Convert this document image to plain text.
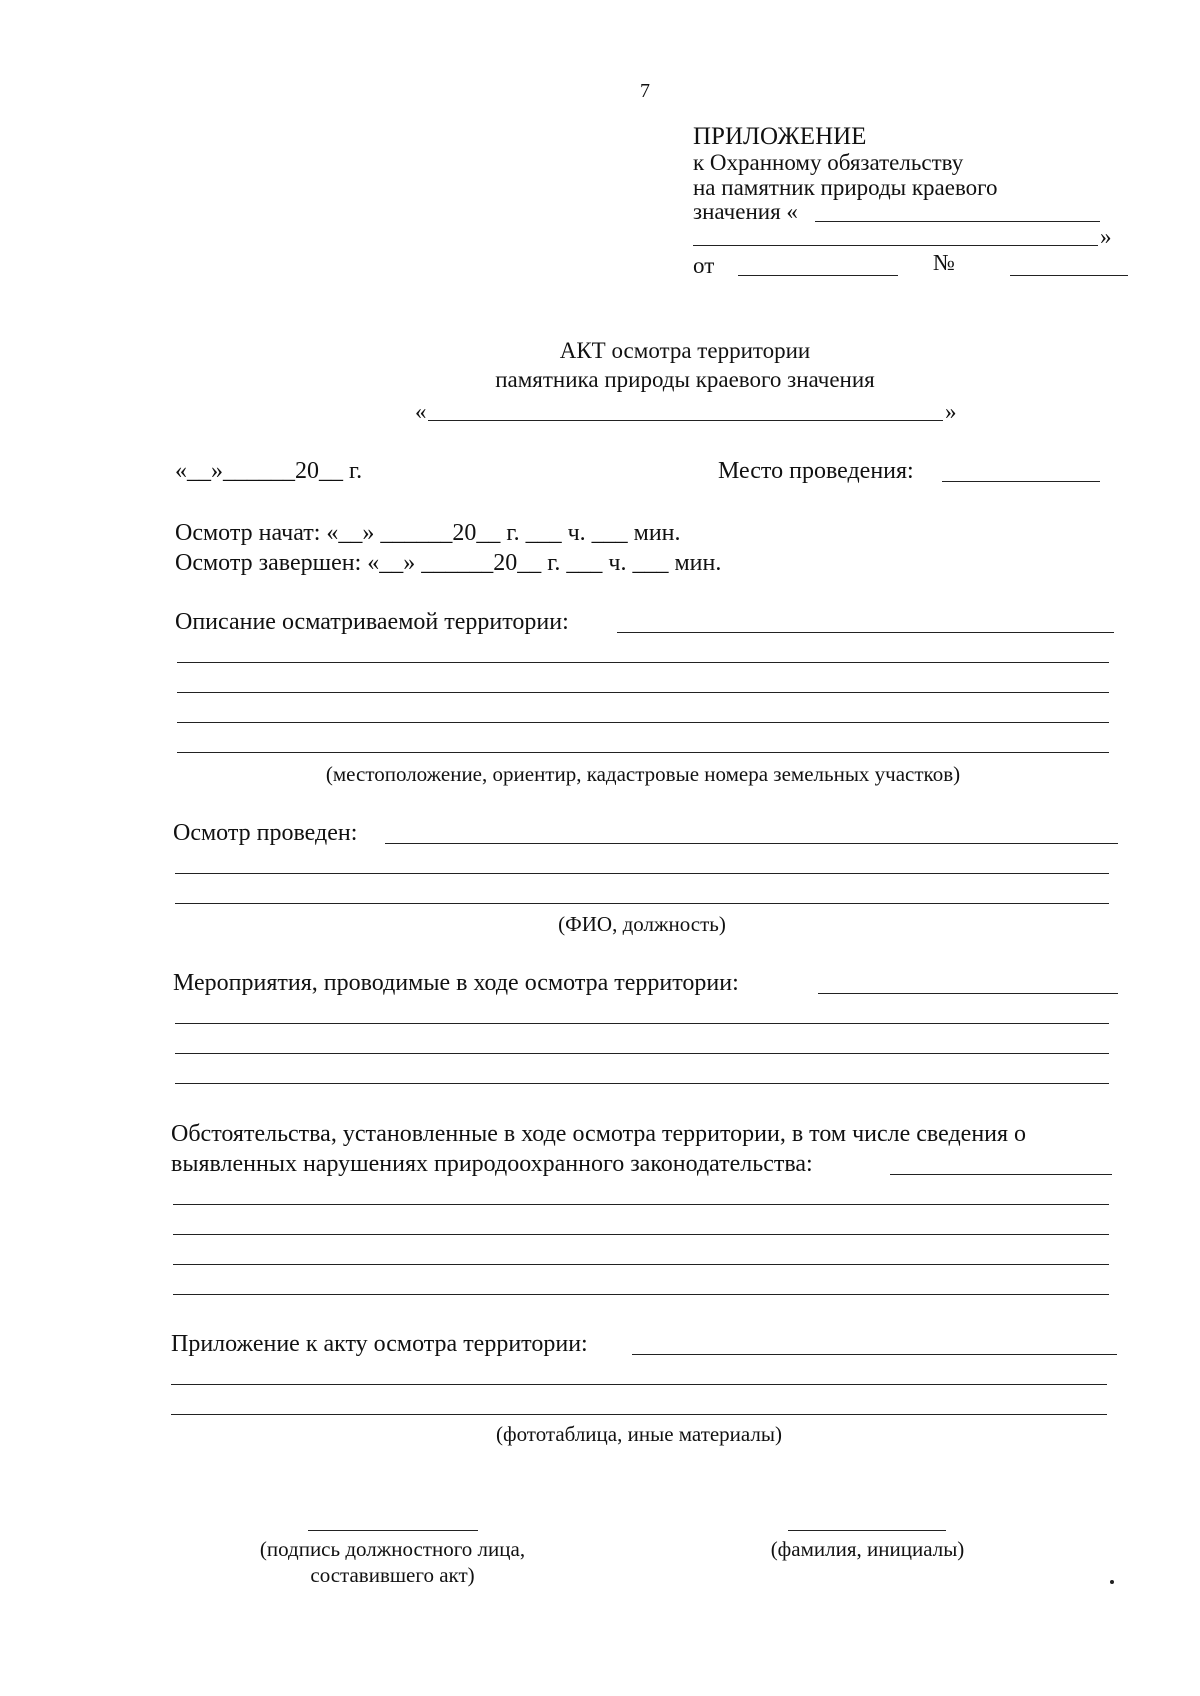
7
ПРИЛОЖЕНИЕ
к Охранному обязательству
на памятник природы краевого
значения «
»
от	№
АКТ осмотра территории
памятника природы краевого значения
«	»
«__»______20__ г.	Место проведения:
Осмотр начат: «__» ______20__ г. ___ ч. ___ мин.
Осмотр завершен: «__» ______20__ г. ___ ч. ___ мин.
Описание осматриваемой территории:
(местоположение, ориентир, кадастровые номера земельных участков)
Осмотр проведен:
(ФИО, должность)
Мероприятия, проводимые в ходе осмотра территории:
Обстоятельства, установленные в ходе осмотра территории, в том числе сведения о
выявленных нарушениях природоохранного законодательства:
Приложение к акту осмотра территории:
(фототаблица, иные материалы)
(подпись должностного лица,
составившего акт)
(фамилия, инициалы)
